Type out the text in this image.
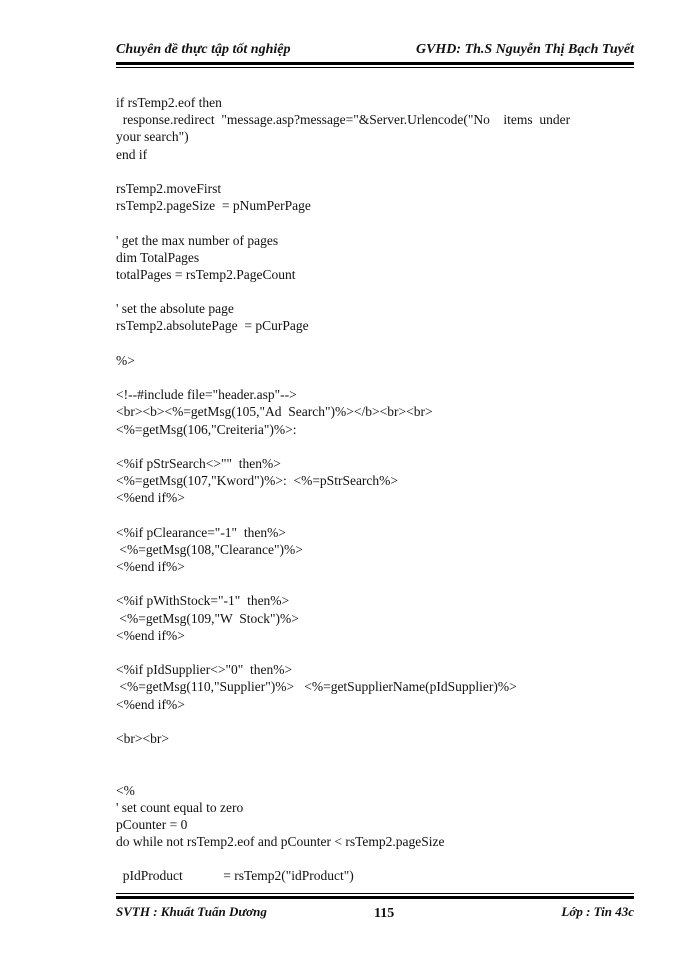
Chuyên đề thực tập tốt nghiệp	GVHD: Th.S Nguyễn Thị Bạch Tuyết
if rsTemp2.eof then
response.redirect  "message.asp?message="&Server.Urlencode("No    items  under
your search")
end if
rsTemp2.moveFirst
rsTemp2.pageSize  = pNumPerPage
' get the max number of pages
dim TotalPages
totalPages = rsTemp2.PageCount
' set the absolute page
rsTemp2.absolutePage  = pCurPage
%>
<!--#include file="header.asp"-->
<br><b><%=getMsg(105,"Ad  Search")%></b><br><br>
<%=getMsg(106,"Creiteria")%>:
<%if pStrSearch<>""  then%>
<%=getMsg(107,"Kword")%>:  <%=pStrSearch%>
<%end if%>
<%if pClearance="-1"  then%>
<%=getMsg(108,"Clearance")%>
<%end if%>
<%if pWithStock="-1"  then%>
<%=getMsg(109,"W  Stock")%>
<%end if%>
<%if pIdSupplier<>"0"  then%>
<%=getMsg(110,"Supplier")%>   <%=getSupplierName(pIdSupplier)%>
<%end if%>
<br><br>
<%
' set count equal to zero
pCounter = 0
do while not rsTemp2.eof and pCounter < rsTemp2.pageSize
pIdProduct            = rsTemp2("idProduct")
SVTH : Khuất Tuấn Dương	115	Lớp : Tin 43c
